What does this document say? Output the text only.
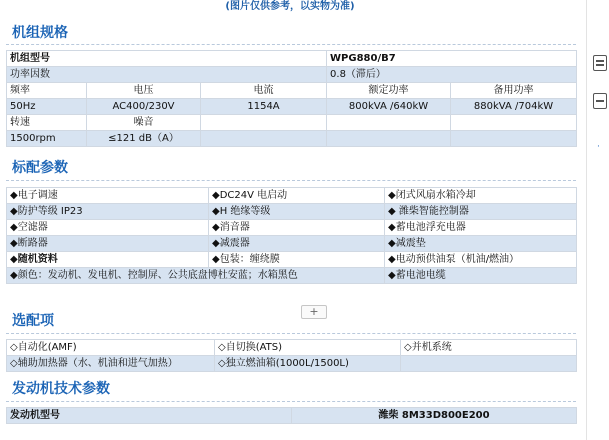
(图片仅供参考，以实物为准)
机组规格
机组型号			WPG880/B7	
功率因数			0.8（滞后）	
频率	电压	电流	额定功率	备用功率
50Hz	AC400/230V	1154A	800kVA /640kW	880kVA /704kW
转速	噪音			
1500rpm	≤121 dB（A）			
标配参数
◆电子调速	◆DC24V 电启动	◆闭式风扇水箱冷却
◆防护等级 IP23	◆H 绝缘等级	◆ 潍柴智能控制器
◆空滤器	◆消音器	◆蓄电池浮充电器
◆断路器	◆减震器	◆减震垫
◆随机资料	◆包装：缠绕膜	◆电动预供油泵（机油/燃油）
◆颜色：发动机、发电机、控制屏、公共底盘博杜安蓝；水箱黑色		◆蓄电池电缆
+
选配项
◇自动化(AMF)	◇自切换(ATS)	◇并机系统
◇辅助加热器（水、机油和进气加热）	◇独立燃油箱(1000L/1500L)	
发动机技术参数
发动机型号	潍柴 8M33D800E200
·
